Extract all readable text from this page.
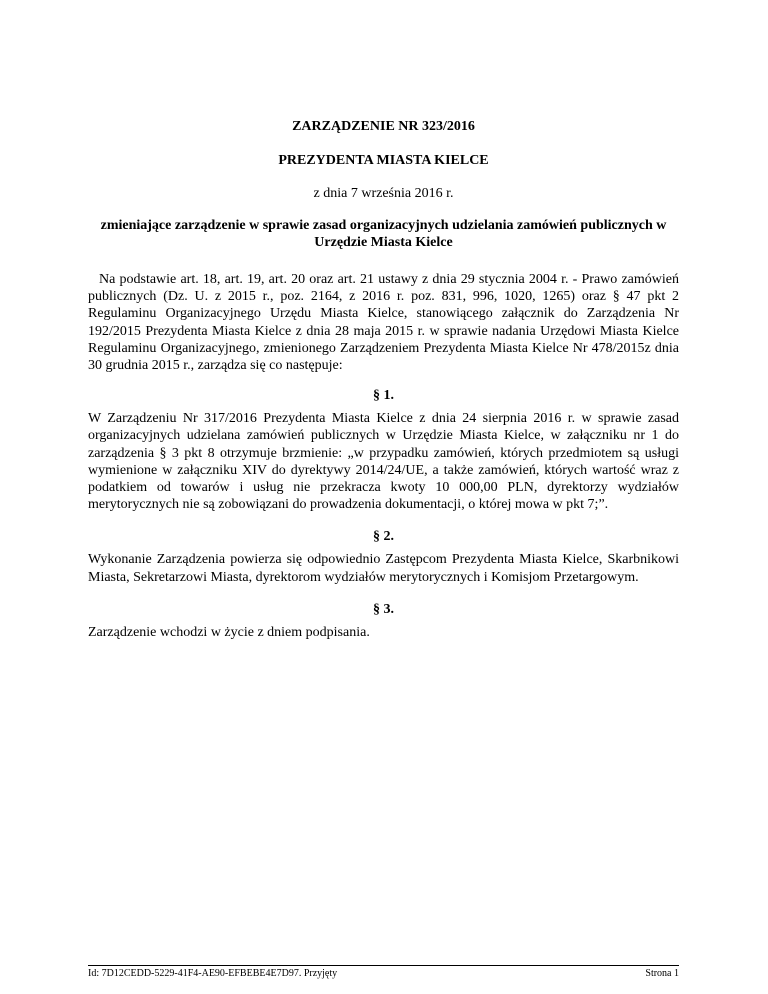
ZARZĄDZENIE NR 323/2016

PREZYDENTA MIASTA KIELCE

z dnia 7 września 2016 r.

zmieniające zarządzenie w sprawie zasad organizacyjnych udzielania zamówień publicznych w Urzędzie Miasta Kielce

Na podstawie art. 18, art. 19, art. 20 oraz art. 21 ustawy z dnia 29 stycznia 2004 r. - Prawo zamówień publicznych (Dz. U. z 2015 r., poz. 2164, z 2016 r. poz. 831, 996, 1020, 1265) oraz § 47 pkt 2 Regulaminu Organizacyjnego Urzędu Miasta Kielce, stanowiącego załącznik do Zarządzenia Nr 192/2015 Prezydenta Miasta Kielce z dnia 28 maja 2015 r. w sprawie nadania Urzędowi Miasta Kielce Regulaminu Organizacyjnego, zmienionego Zarządzeniem Prezydenta Miasta Kielce Nr 478/2015z dnia 30 grudnia 2015 r., zarządza się co następuje:

§ 1.

W Zarządzeniu Nr 317/2016 Prezydenta Miasta Kielce z dnia 24 sierpnia 2016 r. w sprawie zasad organizacyjnych udzielana zamówień publicznych w Urzędzie Miasta Kielce, w załączniku nr 1 do zarządzenia § 3 pkt 8 otrzymuje brzmienie: „w przypadku zamówień, których przedmiotem są usługi wymienione w załączniku XIV do dyrektywy 2014/24/UE, a także zamówień, których wartość wraz z podatkiem od towarów i usług nie przekracza kwoty 10 000,00 PLN, dyrektorzy wydziałów merytorycznych nie są zobowiązani do prowadzenia dokumentacji, o której mowa w pkt 7;”.

§ 2.

Wykonanie Zarządzenia powierza się odpowiednio Zastępcom Prezydenta Miasta Kielce, Skarbnikowi Miasta, Sekretarzowi Miasta, dyrektorom wydziałów merytorycznych i Komisjom Przetargowym.

§ 3.

Zarządzenie wchodzi w życie z dniem podpisania.

Id: 7D12CEDD-5229-41F4-AE90-EFBEBE4E7D97. Przyjęty	Strona 1
